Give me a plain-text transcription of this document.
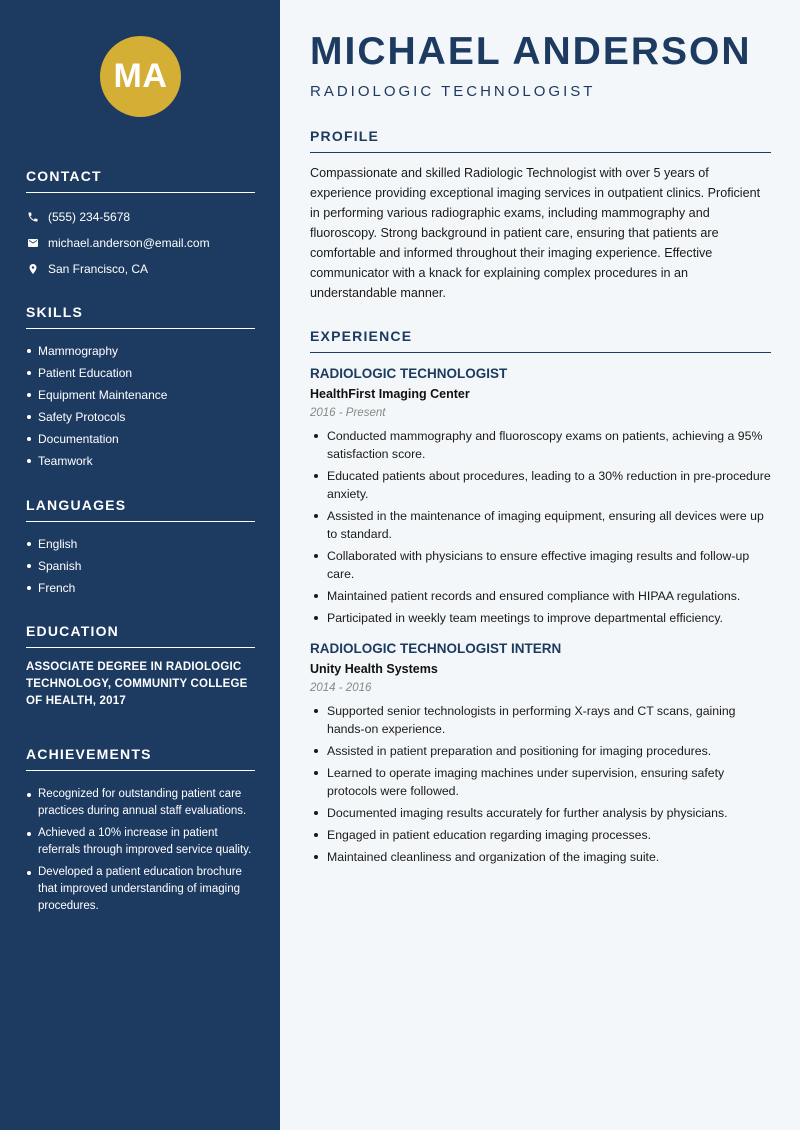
MA
CONTACT
(555) 234-5678
michael.anderson@email.com
San Francisco, CA
SKILLS
Mammography
Patient Education
Equipment Maintenance
Safety Protocols
Documentation
Teamwork
LANGUAGES
English
Spanish
French
EDUCATION

ASSOCIATE DEGREE IN RADIOLOGIC TECHNOLOGY, COMMUNITY COLLEGE OF HEALTH, 2017

ACHIEVEMENTS
Recognized for outstanding patient care practices during annual staff evaluations.
Achieved a 10% increase in patient referrals through improved service quality.
Developed a patient education brochure that improved understanding of imaging procedures.
MICHAEL ANDERSON
RADIOLOGIC TECHNOLOGIST
PROFILE

Compassionate and skilled Radiologic Technologist with over 5 years of experience providing exceptional imaging services in outpatient clinics. Proficient in performing various radiographic exams, including mammography and fluoroscopy. Strong background in patient care, ensuring that patients are comfortable and informed throughout their imaging experience. Effective communicator with a knack for explaining complex procedures in an understandable manner.

EXPERIENCE
RADIOLOGIC TECHNOLOGIST
HealthFirst Imaging Center
2016 - Present
Conducted mammography and fluoroscopy exams on patients, achieving a 95% satisfaction score.
Educated patients about procedures, leading to a 30% reduction in pre-procedure anxiety.
Assisted in the maintenance of imaging equipment, ensuring all devices were up to standard.
Collaborated with physicians to ensure effective imaging results and follow-up care.
Maintained patient records and ensured compliance with HIPAA regulations.
Participated in weekly team meetings to improve departmental efficiency.
RADIOLOGIC TECHNOLOGIST INTERN
Unity Health Systems
2014 - 2016
Supported senior technologists in performing X-rays and CT scans, gaining hands-on experience.
Assisted in patient preparation and positioning for imaging procedures.
Learned to operate imaging machines under supervision, ensuring safety protocols were followed.
Documented imaging results accurately for further analysis by physicians.
Engaged in patient education regarding imaging processes.
Maintained cleanliness and organization of the imaging suite.
